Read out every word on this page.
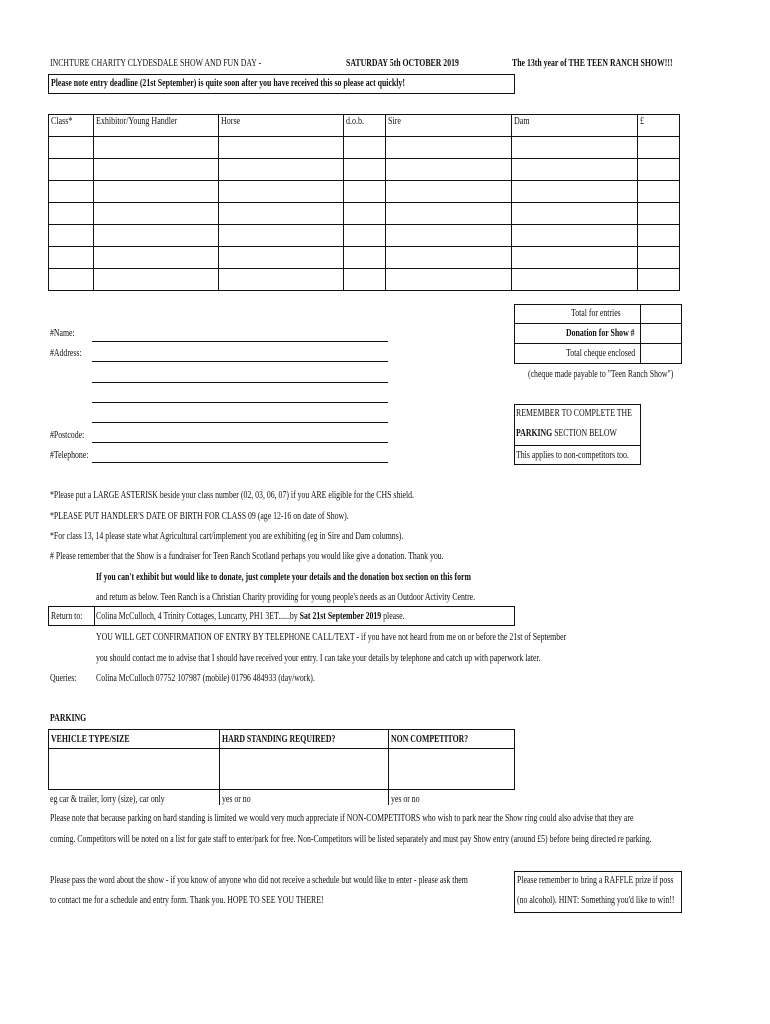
INCHTURE CHARITY CLYDESDALE SHOW AND FUN DAY -	SATURDAY 5th OCTOBER 2019	The 13th year of THE TEEN RANCH SHOW!!!
Please note entry deadline (21st September) is quite soon after you have received this so please act quickly!
Class*	Exhibitor/Young Handler	Horse	d.o.b.	Sire	Dam	£

Total for entries
Donation for Show #
Total cheque enclosed
(cheque made payable to "Teen Ranch Show")
#Name:
#Address:
#Postcode:
#Telephone:
REMEMBER TO COMPLETE THE
PARKING SECTION BELOW
This applies to non-competitors too.
*Please put a LARGE ASTERISK beside your class number (02, 03, 06, 07) if you ARE eligible for the CHS shield.
*PLEASE PUT HANDLER'S DATE OF BIRTH FOR CLASS 09 (age 12-16 on date of Show).
*For class 13, 14 please state what Agricultural cart/implement you are exhibiting (eg in Sire and Dam columns).
# Please remember that the Show is a fundraiser for Teen Ranch Scotland perhaps you would like give a donation. Thank you.
If you can't exhibit but would like to donate, just complete your details and the donation box section on this form
and return as below. Teen Ranch is a Christian Charity providing for young people's needs as an Outdoor Activity Centre.
Return to: Colina McCulloch, 4 Trinity Cottages, Luncarty, PH1 3ET......by Sat 21st September 2019 please.
YOU WILL GET CONFIRMATION OF ENTRY BY TELEPHONE CALL/TEXT - if you have not heard from me on or before the 21st of September
you should contact me to advise that I should have received your entry. I can take your details by telephone and catch up with paperwork later.
Queries: Colina McCulloch 07752 107987 (mobile) 01796 484933 (day/work).
PARKING
VEHICLE TYPE/SIZE	HARD STANDING REQUIRED?	NON COMPETITOR?
eg car & trailer, lorry (size), car only	yes or no	yes or no
Please note that because parking on hard standing is limited we would very much appreciate if NON-COMPETITORS who wish to park near the Show ring could also advise that they are
coming. Competitors will be noted on a list for gate staff to enter/park for free. Non-Competitors will be listed separately and must pay Show entry (around £5) before being directed re parking.
Please pass the word about the show - if you know of anyone who did not receive a schedule but would like to enter - please ask them
to contact me for a schedule and entry form. Thank you. HOPE TO SEE YOU THERE!
Please remember to bring a RAFFLE prize if poss
(no alcohol). HINT: Something you'd like to win!!
